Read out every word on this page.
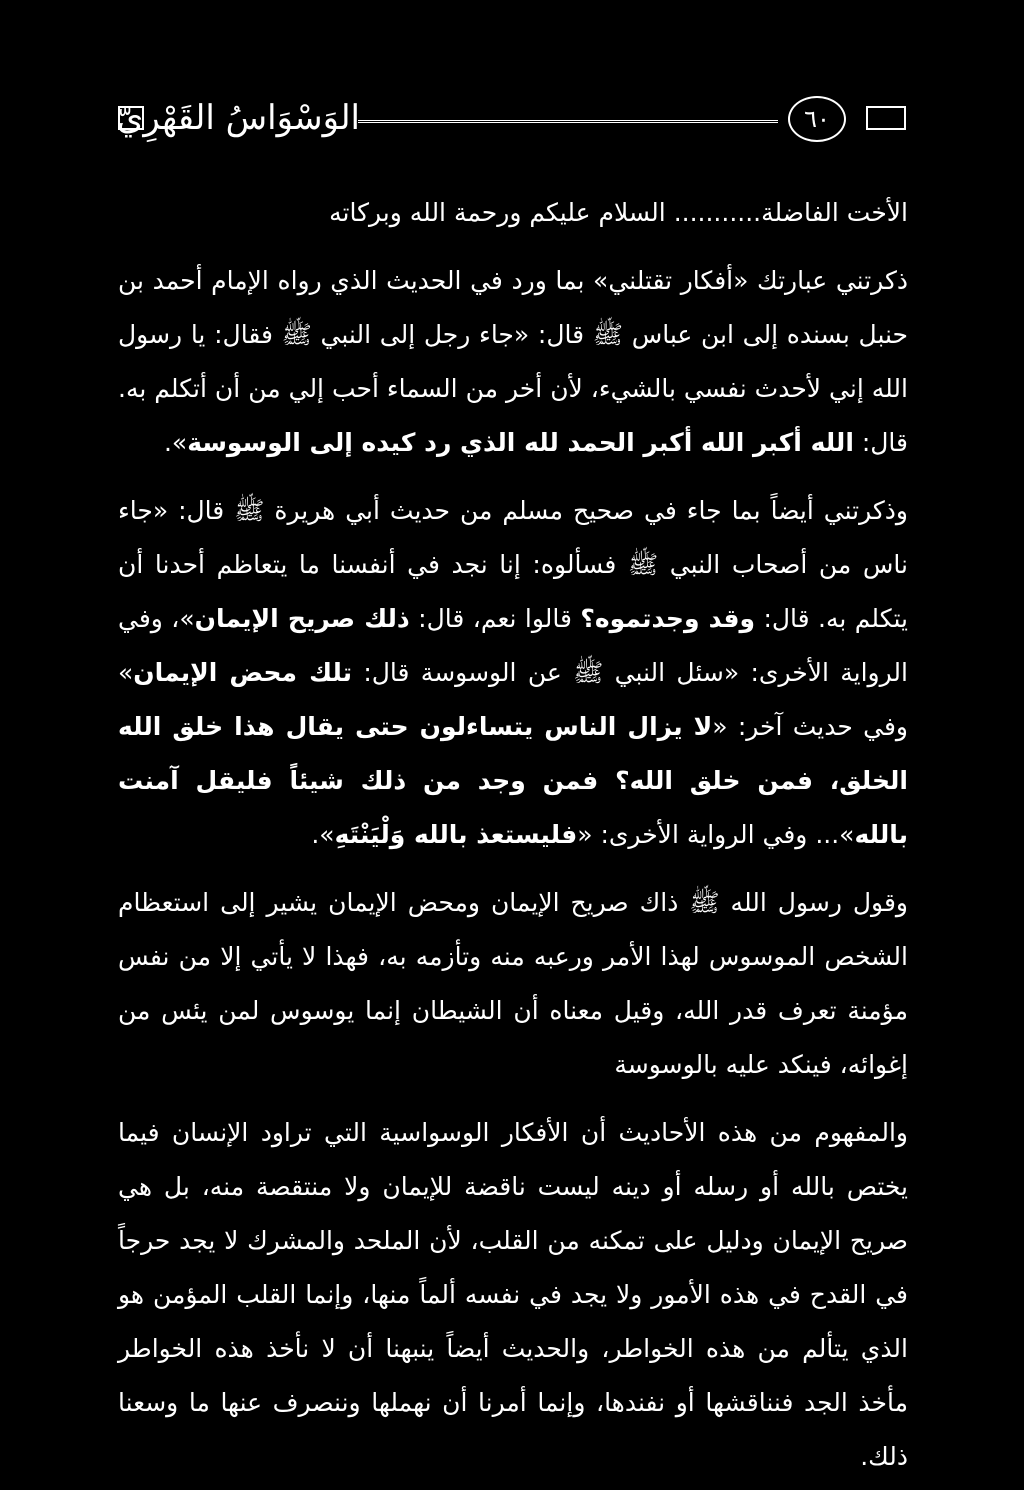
الوَسْوَاسُ القَهْرِيّ	٦٠

الأخت الفاضلة........... السلام عليكم ورحمة الله وبركاته

ذكرتني عبارتك «أفكار تقتلني» بما ورد في الحديث الذي رواه الإمام أحمد بن حنبل بسنده إلى ابن عباس ﷺ قال: «جاء رجل إلى النبي ﷺ فقال: يا رسول الله إني لأحدث نفسي بالشيء، لأن أخر من السماء أحب إلي من أن أتكلم به. قال: الله أكبر الله أكبر الحمد لله الذي رد كيده إلى الوسوسة».

وذكرتني أيضاً بما جاء في صحيح مسلم من حديث أبي هريرة ﷺ قال: «جاء ناس من أصحاب النبي ﷺ فسألوه: إنا نجد في أنفسنا ما يتعاظم أحدنا أن يتكلم به. قال: وقد وجدتموه؟ قالوا نعم، قال: ذلك صريح الإيمان»، وفي الرواية الأخرى: «سئل النبي ﷺ عن الوسوسة قال: تلك محض الإيمان» وفي حديث آخر: «لا يزال الناس يتساءلون حتى يقال هذا خلق الله الخلق، فمن خلق الله؟ فمن وجد من ذلك شيئاً فليقل آمنت بالله»... وفي الرواية الأخرى: «فليستعذ بالله وَلْيَنْتَهِ».

وقول رسول الله ﷺ ذاك صريح الإيمان ومحض الإيمان يشير إلى استعظام الشخص الموسوس لهذا الأمر ورعبه منه وتأزمه به، فهذا لا يأتي إلا من نفس مؤمنة تعرف قدر الله، وقيل معناه أن الشيطان إنما يوسوس لمن يئس من إغوائه، فينكد عليه بالوسوسة

والمفهوم من هذه الأحاديث أن الأفكار الوسواسية التي تراود الإنسان فيما يختص بالله أو رسله أو دينه ليست ناقضة للإيمان ولا منتقصة منه، بل هي صريح الإيمان ودليل على تمكنه من القلب، لأن الملحد والمشرك لا يجد حرجاً في القدح في هذه الأمور ولا يجد في نفسه ألماً منها، وإنما القلب المؤمن هو الذي يتألم من هذه الخواطر، والحديث أيضاً ينبهنا أن لا نأخذ هذه الخواطر مأخذ الجد فنناقشها أو نفندها، وإنما أمرنا أن نهملها وننصرف عنها ما وسعنا ذلك.
